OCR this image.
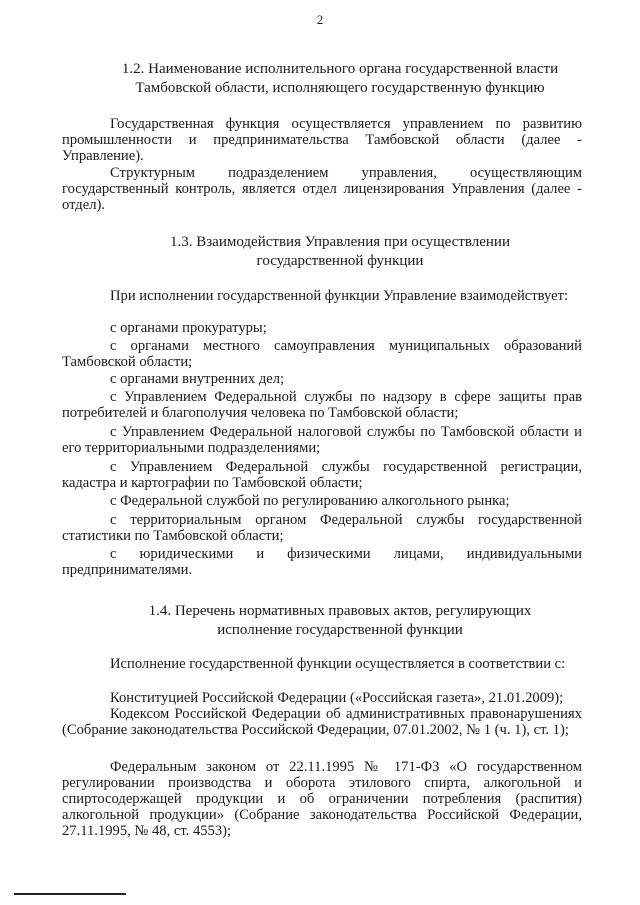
2
1.2. Наименование исполнительного органа государственной власти
Тамбовской области, исполняющего государственную функцию
Государственная функция осуществляется управлением по развитию промышленности и предпринимательства Тамбовской области (далее - Управление).
Структурным подразделением управления, осуществляющим государственный контроль, является отдел лицензирования Управления (далее - отдел).
1.3. Взаимодействия Управления при осуществлении
государственной функции
При исполнении государственной функции Управление взаимодействует:
с органами прокуратуры;
с органами местного самоуправления муниципальных образований Тамбовской области;
с органами внутренних дел;
с Управлением Федеральной службы по надзору в сфере защиты прав потребителей и благополучия человека по Тамбовской области;
с Управлением Федеральной налоговой службы по Тамбовской области и его территориальными подразделениями;
с Управлением Федеральной службы государственной регистрации, кадастра и картографии по Тамбовской области;
с Федеральной службой по регулированию алкогольного рынка;
с территориальным органом Федеральной службы государственной статистики по Тамбовской области;
с юридическими и физическими лицами, индивидуальными предпринимателями.
1.4. Перечень нормативных правовых актов, регулирующих
исполнение государственной функции
Исполнение государственной функции осуществляется в соответствии с:
Конституцией Российской Федерации («Российская газета», 21.01.2009);
Кодексом Российской Федерации об административных правонарушениях (Собрание законодательства Российской Федерации, 07.01.2002, № 1 (ч. 1), ст. 1);
Федеральным законом от 22.11.1995 № 171-ФЗ «О государственном регулировании производства и оборота этилового спирта, алкогольной и спиртосодержащей продукции и об ограничении потребления (распития) алкогольной продукции» (Собрание законодательства Российской Федерации, 27.11.1995, № 48, ст. 4553);
